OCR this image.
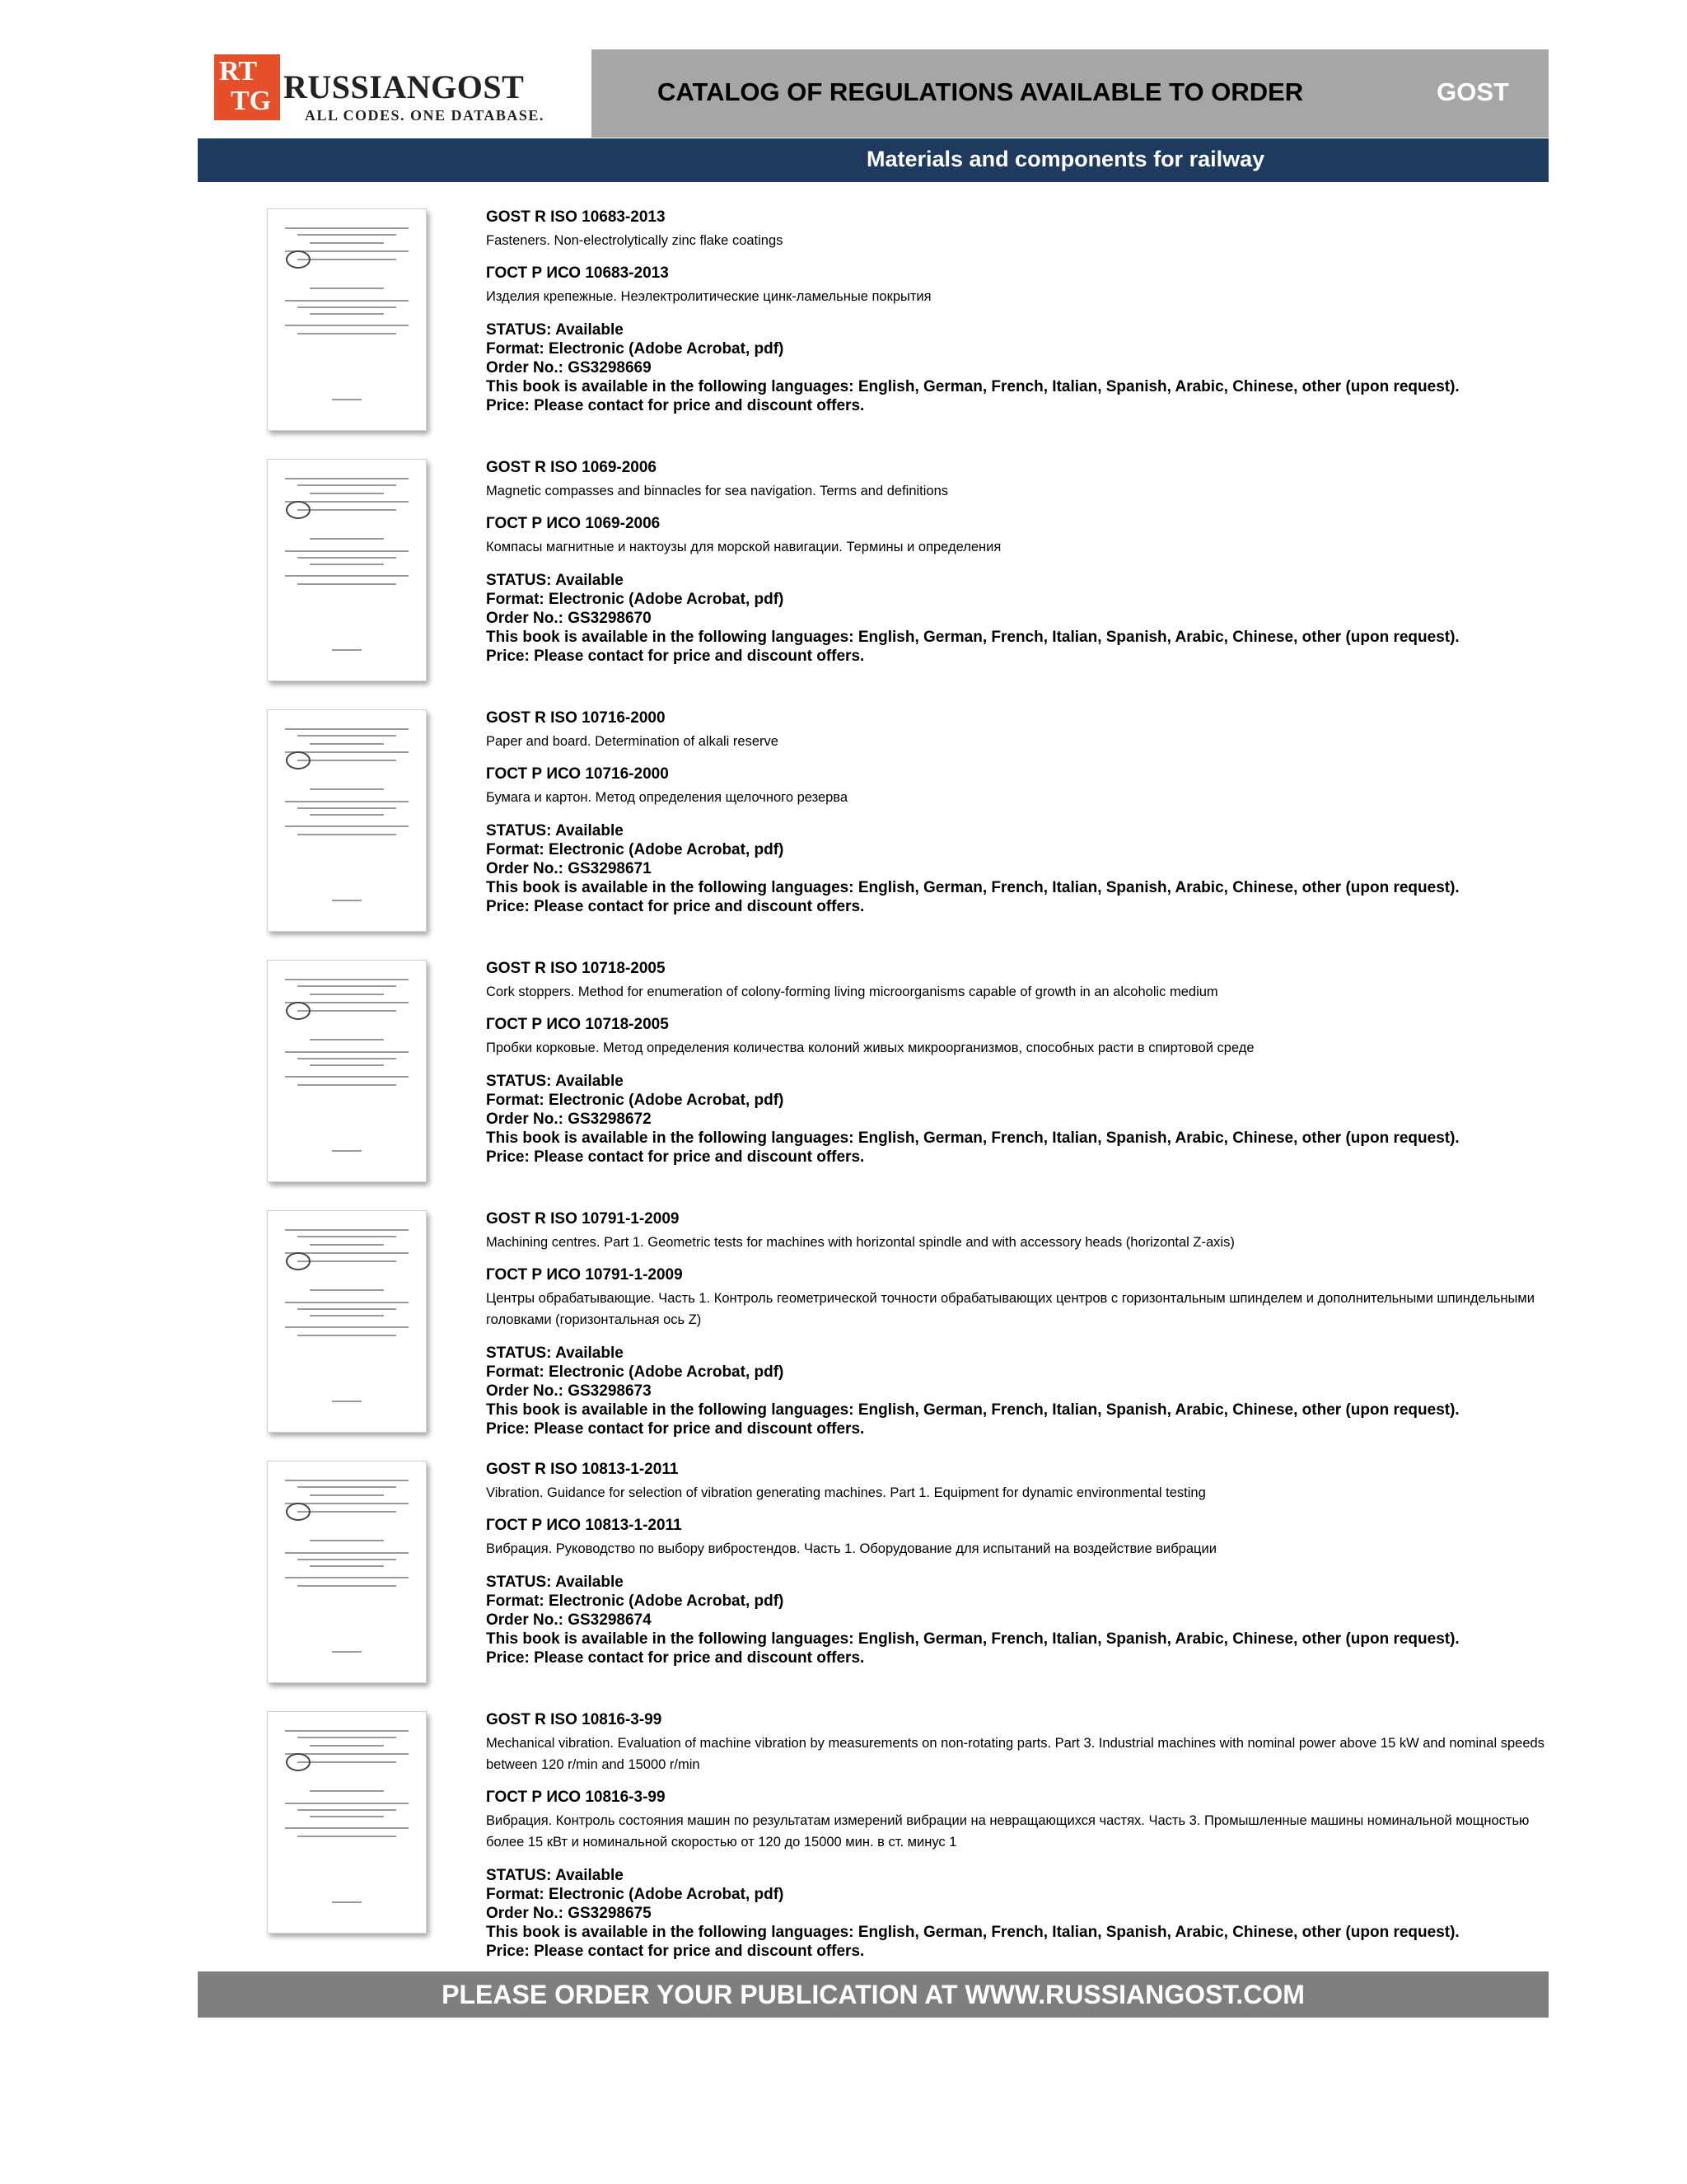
RT
TG RUSSIANGOST
ALL CODES. ONE DATABASE.
CATALOG OF REGULATIONS AVAILABLE TO ORDER	GOST
Materials and components for railway
GOST R ISO 10683-2013
Fasteners. Non-electrolytically zinc flake coatings
ГОСТ Р ИСО 10683-2013
Изделия крепежные. Неэлектролитические цинк-ламельные покрытия
STATUS: Available
Format: Electronic (Adobe Acrobat, pdf)
Order No.: GS3298669
This book is available in the following languages: English, German, French, Italian, Spanish, Arabic, Chinese, other (upon request).
Price: Please contact for price and discount offers.
GOST R ISO 1069-2006
Magnetic compasses and binnacles for sea navigation. Terms and definitions
ГОСТ Р ИСО 1069-2006
Компасы магнитные и нактоузы для морской навигации. Термины и определения
STATUS: Available
Format: Electronic (Adobe Acrobat, pdf)
Order No.: GS3298670
This book is available in the following languages: English, German, French, Italian, Spanish, Arabic, Chinese, other (upon request).
Price: Please contact for price and discount offers.
GOST R ISO 10716-2000
Paper and board. Determination of alkali reserve
ГОСТ Р ИСО 10716-2000
Бумага и картон. Метод определения щелочного резерва
STATUS: Available
Format: Electronic (Adobe Acrobat, pdf)
Order No.: GS3298671
This book is available in the following languages: English, German, French, Italian, Spanish, Arabic, Chinese, other (upon request).
Price: Please contact for price and discount offers.
GOST R ISO 10718-2005
Cork stoppers. Method for enumeration of colony-forming living microorganisms capable of growth in an alcoholic medium
ГОСТ Р ИСО 10718-2005
Пробки корковые. Метод определения количества колоний живых микроорганизмов, способных расти в спиртовой среде
STATUS: Available
Format: Electronic (Adobe Acrobat, pdf)
Order No.: GS3298672
This book is available in the following languages: English, German, French, Italian, Spanish, Arabic, Chinese, other (upon request).
Price: Please contact for price and discount offers.
GOST R ISO 10791-1-2009
Machining centres. Part 1. Geometric tests for machines with horizontal spindle and with accessory heads (horizontal Z-axis)
ГОСТ Р ИСО 10791-1-2009
Центры обрабатывающие. Часть 1. Контроль геометрической точности обрабатывающих центров с горизонтальным шпинделем и дополнительными шпиндельными головками (горизонтальная ось Z)
STATUS: Available
Format: Electronic (Adobe Acrobat, pdf)
Order No.: GS3298673
This book is available in the following languages: English, German, French, Italian, Spanish, Arabic, Chinese, other (upon request).
Price: Please contact for price and discount offers.
GOST R ISO 10813-1-2011
Vibration. Guidance for selection of vibration generating machines. Part 1. Equipment for dynamic environmental testing
ГОСТ Р ИСО 10813-1-2011
Вибрация. Руководство по выбору вибростендов. Часть 1. Оборудование для испытаний на воздействие вибрации
STATUS: Available
Format: Electronic (Adobe Acrobat, pdf)
Order No.: GS3298674
This book is available in the following languages: English, German, French, Italian, Spanish, Arabic, Chinese, other (upon request).
Price: Please contact for price and discount offers.
GOST R ISO 10816-3-99
Mechanical vibration. Evaluation of machine vibration by measurements on non-rotating parts. Part 3. Industrial machines with nominal power above 15 kW and nominal speeds between 120 r/min and 15000 r/min
ГОСТ Р ИСО 10816-3-99
Вибрация. Контроль состояния машин по результатам измерений вибрации на невращающихся частях. Часть 3. Промышленные машины номинальной мощностью более 15 кВт и номинальной скоростью от 120 до 15000 мин. в ст. минус 1
STATUS: Available
Format: Electronic (Adobe Acrobat, pdf)
Order No.: GS3298675
This book is available in the following languages: English, German, French, Italian, Spanish, Arabic, Chinese, other (upon request).
Price: Please contact for price and discount offers.
PLEASE ORDER YOUR PUBLICATION AT WWW.RUSSIANGOST.COM
